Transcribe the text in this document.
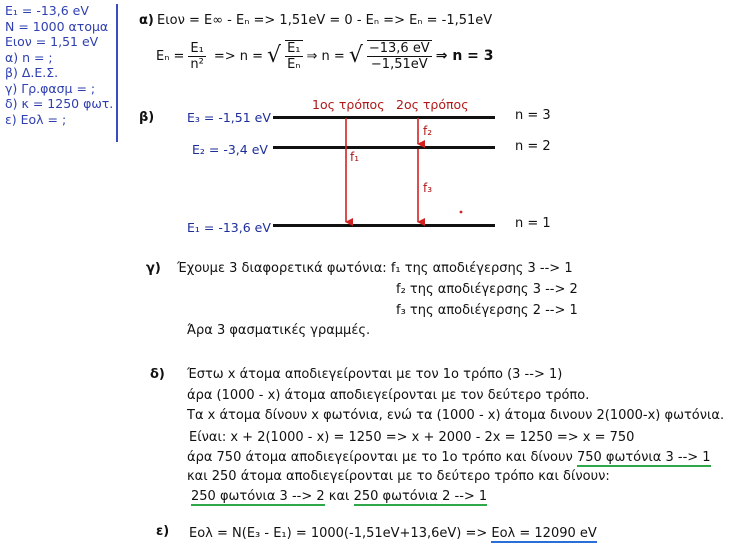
E₁ = -13,6 eV
N = 1000 ατομα
Eιον = 1,51 eV
α) n = ;
β) Δ.Ε.Σ.
γ) Γρ.φασμ = ;
δ) κ = 1250 φωτ.
ε) Eολ = ;
α) Eιον = E∞ - Eₙ => 1,51eV = 0 - Eₙ => Eₙ = -1,51eV
$E_n = \frac{\text{E₁}}{\text{n²}} => n$ = √ $\frac{\text{E₁}}{\text{Eₙ}}$ ⇒ n = √ $\frac{-13,6 eV}{-1,51eV}$ ⇒ n = 3
β)
1ος τρόπος 2ος τρόπος
E₃ = -1,51 eV
E₂ = -3,4 eV
E₁ = -13,6 eV
n = 3
n = 2
n = 1
f₁
f₂
f₃
γ) Έχουμε 3 διαφορετικά φωτόνια: f₁ της αποδιέγερσης 3 --> 1
f₂ της αποδιέγερσης 3 --> 2
f₃ της αποδιέγερσης 2 --> 1
Άρα 3 φασματικές γραμμές.
δ) Έστω x άτομα αποδιεγείρονται με τον 1ο τρόπο (3 --> 1)
άρα (1000 - x) άτομα αποδιεγείρονται με τον δεύτερο τρόπο.
Τα x άτομα δίνουν x φωτόνια, ενώ τα (1000 - x) άτομα δινουν 2(1000-x) φωτόνια.
Είναι: x + 2(1000 - x) = 1250 => x + 2000 - 2x = 1250 => x = 750
άρα 750 άτομα αποδιεγείρονται με το 1ο τρόπο και δίνουν 750 φωτόνια 3 --> 1
και 250 άτομα αποδιεγείρονται με το δεύτερο τρόπο και δίνουν:
250 φωτόνια 3 --> 2 και 250 φωτόνια 2 --> 1
ε) Eολ = N(E₃ - E₁) = 1000(-1,51eV+13,6eV) => Eολ = 12090 eV
